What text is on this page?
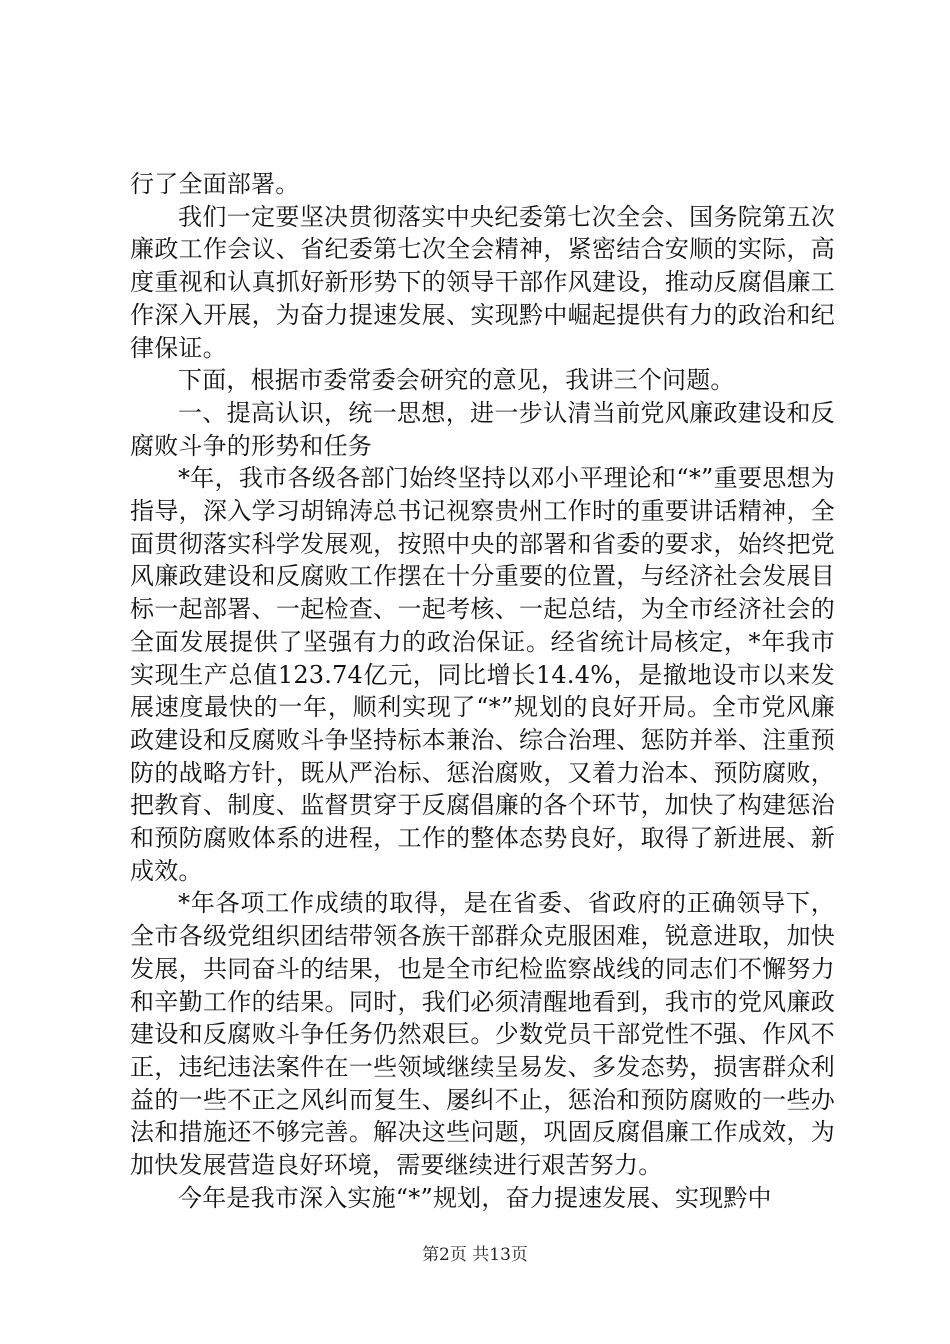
行了全面部署。

我们一定要坚决贯彻落实中央纪委第七次全会、国务院第五次廉政工作会议、省纪委第七次全会精神，紧密结合安顺的实际，高度重视和认真抓好新形势下的领导干部作风建设，推动反腐倡廉工作深入开展，为奋力提速发展、实现黔中崛起提供有力的政治和纪律保证。

下面，根据市委常委会研究的意见，我讲三个问题。

一、提高认识，统一思想，进一步认清当前党风廉政建设和反腐败斗争的形势和任务

*年，我市各级各部门始终坚持以邓小平理论和“*”重要思想为指导，深入学习胡锦涛总书记视察贵州工作时的重要讲话精神，全面贯彻落实科学发展观，按照中央的部署和省委的要求，始终把党风廉政建设和反腐败工作摆在十分重要的位置，与经济社会发展目标一起部署、一起检查、一起考核、一起总结，为全市经济社会的全面发展提供了坚强有力的政治保证。经省统计局核定，*年我市实现生产总值123.74亿元，同比增长14.4%，是撤地设市以来发展速度最快的一年，顺利实现了“*”规划的良好开局。全市党风廉政建设和反腐败斗争坚持标本兼治、综合治理、惩防并举、注重预防的战略方针，既从严治标、惩治腐败，又着力治本、预防腐败，把教育、制度、监督贯穿于反腐倡廉的各个环节，加快了构建惩治和预防腐败体系的进程，工作的整体态势良好，取得了新进展、新成效。

*年各项工作成绩的取得，是在省委、省政府的正确领导下，全市各级党组织团结带领各族干部群众克服困难，锐意进取，加快发展，共同奋斗的结果，也是全市纪检监察战线的同志们不懈努力和辛勤工作的结果。同时，我们必须清醒地看到，我市的党风廉政建设和反腐败斗争任务仍然艰巨。少数党员干部党性不强、作风不正，违纪违法案件在一些领域继续呈易发、多发态势，损害群众利益的一些不正之风纠而复生、屡纠不止，惩治和预防腐败的一些办法和措施还不够完善。解决这些问题，巩固反腐倡廉工作成效，为加快发展营造良好环境，需要继续进行艰苦努力。

今年是我市深入实施“*”规划，奋力提速发展、实现黔中

第2页 共13页
